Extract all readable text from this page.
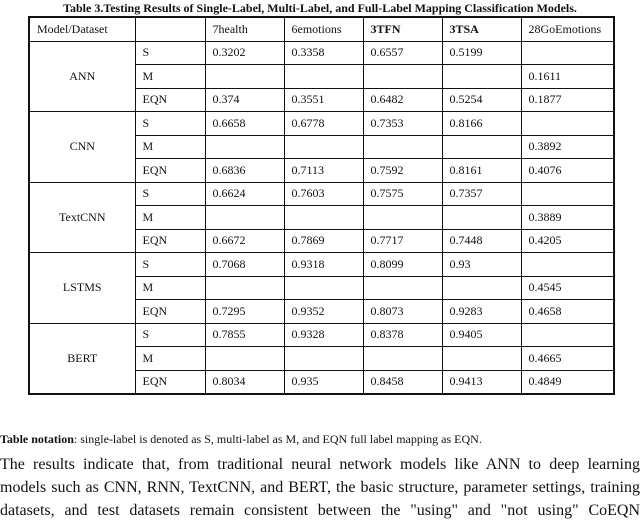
Table 3.Testing Results of Single-Label, Multi-Label, and Full-Label Mapping Classification Models.
Model/Dataset		7health	6emotions	3TFN	3TSA	28GoEmotions
ANN	S	0.3202	0.3358	0.6557	0.5199	
	M					0.1611
	EQN	0.374	0.3551	0.6482	0.5254	0.1877
CNN	S	0.6658	0.6778	0.7353	0.8166	
	M					0.3892
	EQN	0.6836	0.7113	0.7592	0.8161	0.4076
TextCNN	S	0.6624	0.7603	0.7575	0.7357	
	M					0.3889
	EQN	0.6672	0.7869	0.7717	0.7448	0.4205
LSTMS	S	0.7068	0.9318	0.8099	0.93	
	M					0.4545
	EQN	0.7295	0.9352	0.8073	0.9283	0.4658
BERT	S	0.7855	0.9328	0.8378	0.9405	
	M					0.4665
	EQN	0.8034	0.935	0.8458	0.9413	0.4849
Table notation: single-label is denoted as S, multi-label as M, and EQN full label mapping as EQN.
The results indicate that, from traditional neural network models like ANN to deep learning
models such as CNN, RNN, TextCNN, and BERT, the basic structure, parameter settings, training
datasets, and test datasets remain consistent between the "using" and "not using" CoEQN
